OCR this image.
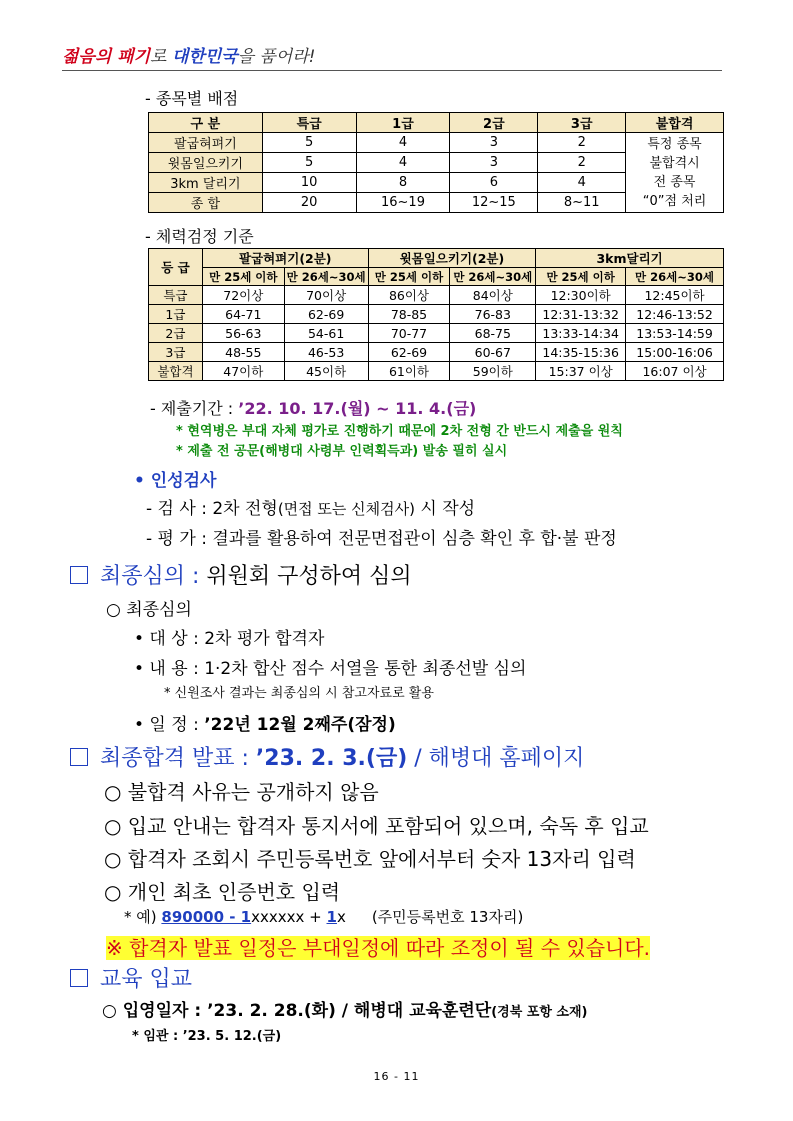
젊음의 패기로 대한민국을 품어라!
- 종목별 배점
구 분	특급	1급	2급	3급	불합격
팔굽혀펴기	5	4	3	2	특정 종목
불합격시
전 종목
“0”점 처리

윗몸일으키기	5	4	3	2	
3km 달리기	10	8	6	4	
종 합	20	16~19	12~15	8~11	
- 체력검정 기준
등 급	팔굽혀펴기(2분)		윗몸일으키기(2분)		3km달리기	
	만 25세 이하	만 26세~30세	만 25세 이하	만 26세~30세	만 25세 이하	만 26세~30세
특급	72이상	70이상	86이상	84이상	12:30이하	12:45이하
1급	64-71	62-69	78-85	76-83	12:31-13:32	12:46-13:52
2급	56-63	54-61	70-77	68-75	13:33-14:34	13:53-14:59
3급	48-55	46-53	62-69	60-67	14:35-15:36	15:00-16:06
불합격	47이하	45이하	61이하	59이하	15:37 이상	16:07 이상
- 제출기간 : ’22. 10. 17.(월) ~ 11. 4.(금)
* 현역병은 부대 자체 평가로 진행하기 때문에 2차 전형 간 반드시 제출을 원칙
* 제출 전 공문(해병대 사령부 인력획득과) 발송 필히 실시
• 인성검사
- 검 사 : 2차 전형(면접 또는 신체검사) 시 작성
- 평 가 : 결과를 활용하여 전문면접관이 심층 확인 후 합·불 판정
최종심의 : 위원회 구성하여 심의
○ 최종심의
• 대 상 : 2차 평가 합격자
• 내 용 : 1·2차 합산 점수 서열을 통한 최종선발 심의
* 신원조사 결과는 최종심의 시 참고자료로 활용
• 일 정 : ’22년 12월 2째주(잠정)
최종합격 발표 : ’23. 2. 3.(금) / 해병대 홈페이지
○ 불합격 사유는 공개하지 않음
○ 입교 안내는 합격자 통지서에 포함되어 있으며, 숙독 후 입교
○ 합격자 조회시 주민등록번호 앞에서부터 숫자 13자리 입력
○ 개인 최초 인증번호 입력
* 예) 890000 - 1xxxxxx + 1x (주민등록번호 13자리)
※ 합격자 발표 일정은 부대일정에 따라 조정이 될 수 있습니다.
교육 입교
○ 입영일자 : ’23. 2. 28.(화) / 해병대 교육훈련단(경북 포항 소재)
* 임관 : ’23. 5. 12.(금)
16 - 11
